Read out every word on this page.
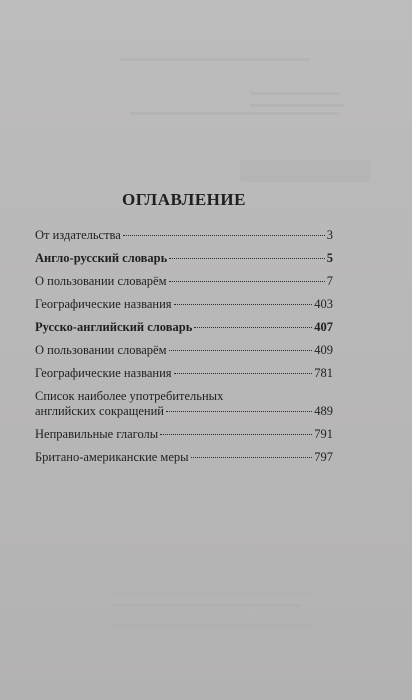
ОГЛАВЛЕНИЕ
От издательства	3
Англо-русский словарь	5
О пользовании словарём	7
Географические названия	403
Русско-английский словарь	407
О пользовании словарём	409
Географические названия	781
Список наиболее употребительных
английских сокращений	489
Неправильные глаголы	791
Британо-американские меры	797
